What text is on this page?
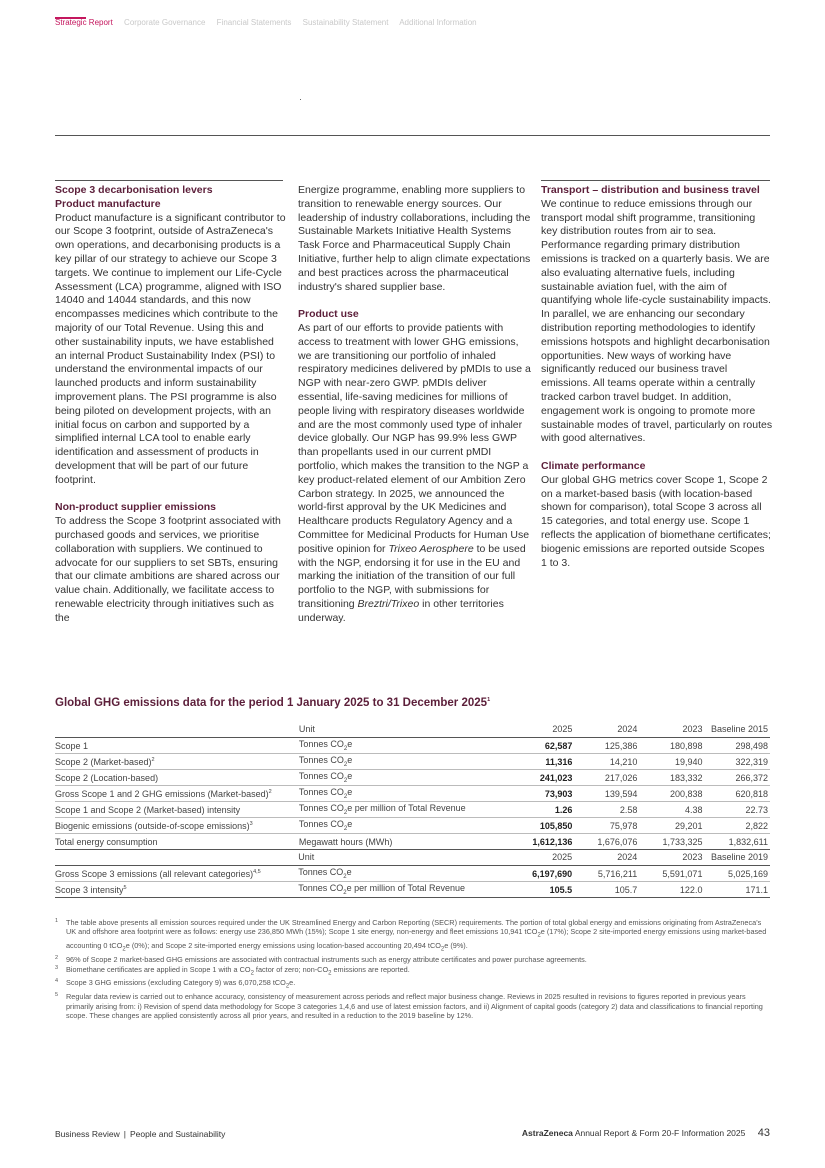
Strategic Report Corporate Governance Financial Statements Sustainability Statement Additional Information

Scope 3 decarbonisation levers

Product manufacture

Product manufacture is a significant contributor to our Scope 3 footprint, outside of AstraZeneca's own operations, and decarbonising products is a key pillar of our strategy to achieve our Scope 3 targets. We continue to implement our Life-Cycle Assessment (LCA) programme, aligned with ISO 14040 and 14044 standards, and this now encompasses medicines which contribute to the majority of our Total Revenue. Using this and other sustainability inputs, we have established an internal Product Sustainability Index (PSI) to understand the environmental impacts of our launched products and inform sustainability improvement plans. The PSI programme is also being piloted on development projects, with an initial focus on carbon and supported by a simplified internal LCA tool to enable early identification and assessment of products in development that will be part of our future footprint.

Non-product supplier emissions

To address the Scope 3 footprint associated with purchased goods and services, we prioritise collaboration with suppliers. We continued to advocate for our suppliers to set SBTs, ensuring that our climate ambitions are shared across our value chain. Additionally, we facilitate access to renewable electricity through initiatives such as the

Energize programme, enabling more suppliers to transition to renewable energy sources. Our leadership of industry collaborations, including the Sustainable Markets Initiative Health Systems Task Force and Pharmaceutical Supply Chain Initiative, further help to align climate expectations and best practices across the pharmaceutical industry's shared supplier base.

Product use

As part of our efforts to provide patients with access to treatment with lower GHG emissions, we are transitioning our portfolio of inhaled respiratory medicines delivered by pMDIs to use a NGP with near-zero GWP. pMDIs deliver essential, life-saving medicines for millions of people living with respiratory diseases worldwide and are the most commonly used type of inhaler device globally. Our NGP has 99.9% less GWP than propellants used in our current pMDI portfolio, which makes the transition to the NGP a key product-related element of our Ambition Zero Carbon strategy. In 2025, we announced the world-first approval by the UK Medicines and Healthcare products Regulatory Agency and a Committee for Medicinal Products for Human Use positive opinion for Trixeo Aerosphere to be used with the NGP, endorsing it for use in the EU and marking the initiation of the transition of our full portfolio to the NGP, with submissions for transitioning Breztri/Trixeo in other territories underway.

Transport – distribution and business travel

We continue to reduce emissions through our transport modal shift programme, transitioning key distribution routes from air to sea. Performance regarding primary distribution emissions is tracked on a quarterly basis. We are also evaluating alternative fuels, including sustainable aviation fuel, with the aim of quantifying whole life-cycle sustainability impacts. In parallel, we are enhancing our secondary distribution reporting methodologies to identify emissions hotspots and highlight decarbonisation opportunities. New ways of working have significantly reduced our business travel emissions. All teams operate within a centrally tracked carbon travel budget. In addition, engagement work is ongoing to promote more sustainable modes of travel, particularly on routes with good alternatives.

Climate performance

Our global GHG metrics cover Scope 1, Scope 2 on a market-based basis (with location-based shown for comparison), total Scope 3 across all 15 categories, and total energy use. Scope 1 reflects the application of biomethane certificates; biogenic emissions are reported outside Scopes 1 to 3.

Global GHG emissions data for the period 1 January 2025 to 31 December 2025$^1$
	Unit	2025	2024	2023	Baseline 2015
Scope 1	Tonnes $CO_2e$	62,587	125,386	180,898	298,498
Scope 2 (Market-based)$^2$	Tonnes $CO_2e$	11,316	14,210	19,940	322,319
Scope 2 (Location-based)	Tonnes $CO_2e$	241,023	217,026	183,332	266,372
Gross Scope 1 and 2 GHG emissions (Market-based)$^2$	Tonnes $CO_2e$	73,903	139,594	200,838	620,818
Scope 1 and Scope 2 (Market-based) intensity	Tonnes $CO_2e$ per million of Total Revenue	1.26	2.58	4.38	22.73
Biogenic emissions (outside-of-scope emissions)$^3$	Tonnes $CO_2e$	105,850	75,978	29,201	2,822
Total energy consumption	Megawatt hours (MWh)	1,612,136	1,676,076	1,733,325	1,832,611
	Unit	2025	2024	2023	Baseline 2019
Gross Scope 3 emissions (all relevant categories)$^{4,5}$	Tonnes $CO_2e$	6,197,690	5,716,211	5,591,071	5,025,169
Scope 3 intensity$^5$	Tonnes $CO_2e$ per million of Total Revenue	105.5	105.7	122.0	171.1
1 The table above presents all emission sources required under the UK Streamlined Energy and Carbon Reporting (SECR) requirements. The portion of total global energy and emissions originating from AstraZeneca's UK and offshore area footprint were as follows: energy use 236,850 MWh (15%); Scope 1 site energy, non-energy and fleet emissions 10,941 tCO$_2$e (17%); Scope 2 site-imported energy emissions using market-based accounting 0 tCO$_2$e (0%); and Scope 2 site-imported energy emissions using location-based accounting 20,494 tCO$_2$e (9%).
2 96% of Scope 2 market-based GHG emissions are associated with contractual instruments such as energy attribute certificates and power purchase agreements.
3 Biomethane certificates are applied in Scope 1 with a $CO_2$ factor of zero; non-$CO_2$ emissions are reported.
4 Scope 3 GHG emissions (excluding Category 9) was 6,070,258 tCO$_2$e.
5 Regular data review is carried out to enhance accuracy, consistency of measurement across periods and reflect major business change. Reviews in 2025 resulted in revisions to figures reported in previous years primarily arising from: i) Revision of spend data methodology for Scope 3 categories 1,4,6 and use of latest emission factors, and ii) Alignment of capital goods (category 2) data and classifications to financial reporting scope. These changes are applied consistently across all prior years, and resulted in a reduction to the 2019 baseline by 12%.
Business Review | People and Sustainability	AstraZeneca Annual Report & Form 20-F Information 2025 43
